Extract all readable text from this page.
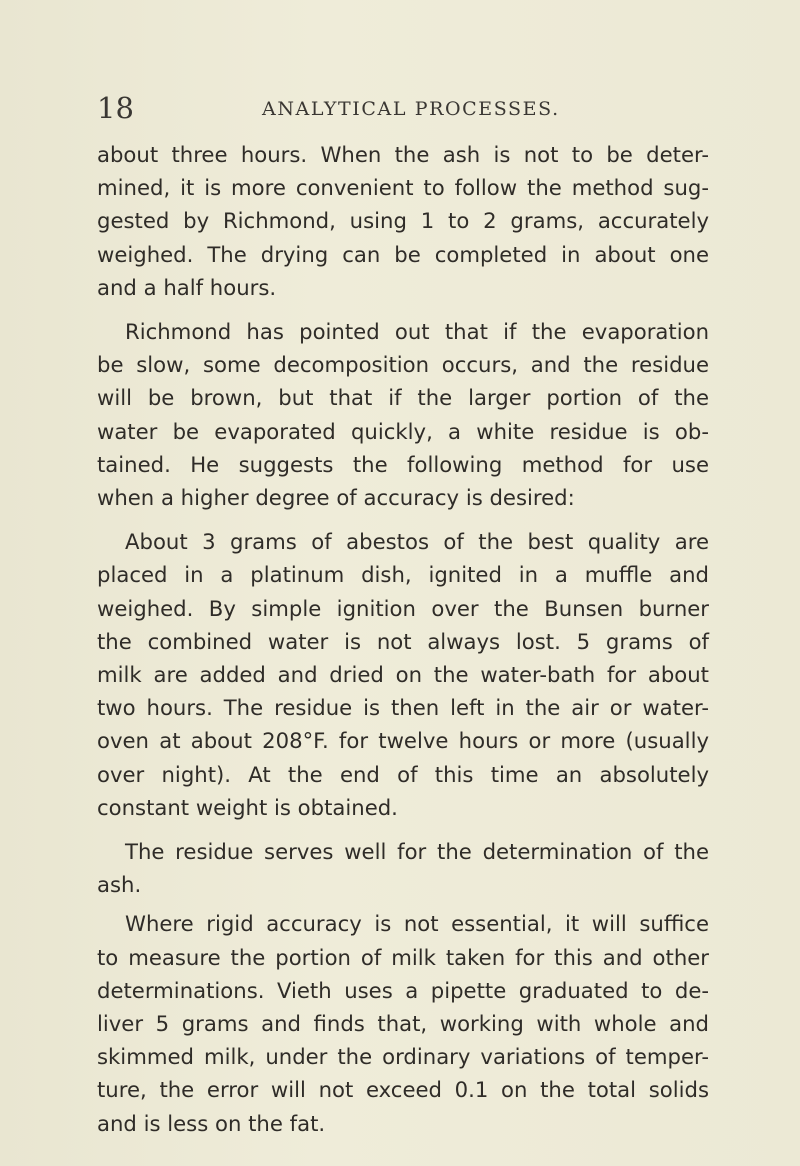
18	ANALYTICAL PROCESSES.
about three hours. When the ash is not to be deter-
mined, it is more convenient to follow the method sug-
gested by Richmond, using 1 to 2 grams, accurately
weighed. The drying can be completed in about one
and a half hours.
Richmond has pointed out that if the evaporation
be slow, some decomposition occurs, and the residue
will be brown, but that if the larger portion of the
water be evaporated quickly, a white residue is ob-
tained. He suggests the following method for use
when a higher degree of accuracy is desired:
About 3 grams of abestos of the best quality are
placed in a platinum dish, ignited in a muffle and
weighed. By simple ignition over the Bunsen burner
the combined water is not always lost. 5 grams of
milk are added and dried on the water-bath for about
two hours. The residue is then left in the air or water-
oven at about 208°F. for twelve hours or more (usually
over night). At the end of this time an absolutely
constant weight is obtained.
The residue serves well for the determination of the
ash.
Where rigid accuracy is not essential, it will suffice
to measure the portion of milk taken for this and other
determinations. Vieth uses a pipette graduated to de-
liver 5 grams and finds that, working with whole and
skimmed milk, under the ordinary variations of temper-
ture, the error will not exceed 0.1 on the total solids
and is less on the fat.
